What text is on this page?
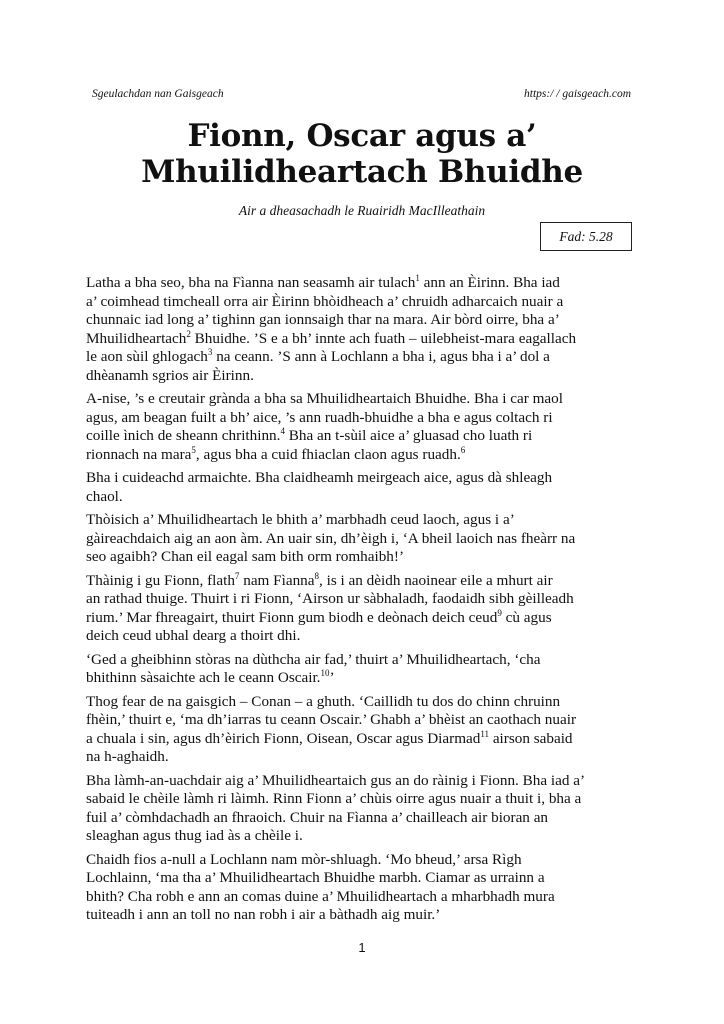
Sgeulachdan nan Gaisgeach	https:/ / gaisgeach.com
Fionn, Oscar agus a’
Mhuilidheartach Bhuidhe
Air a dheasachadh le Ruairidh MacIlleathain
Fad: 5.28
Latha a bha seo, bha na Fìanna nan seasamh air tulach$^1$ ann an Èirinn. Bha iad
a’ coimhead timcheall orra air Èirinn bhòidheach a’ chruidh adharcaich nuair a
chunnaic iad long a’ tighinn gan ionnsaigh thar na mara. Air bòrd oirre, bha a’
Mhuilidheartach$^2$ Bhuidhe. ’S e a bh’ innte ach fuath – uilebheist-mara eagallach
le aon sùil ghlogach$^3$ na ceann. ’S ann à Lochlann a bha i, agus bha i a’ dol a
dhèanamh sgrios air Èirinn.
A-nise, ’s e creutair grànda a bha sa Mhuilidheartaich Bhuidhe. Bha i car maol
agus, am beagan fuilt a bh’ aice, ’s ann ruadh-bhuidhe a bha e agus coltach ri
coille ìnich de sheann chrithinn.$^4$ Bha an t-sùil aice a’ gluasad cho luath ri
rionnach na mara$^5$, agus bha a cuid fhiaclan claon agus ruadh.$^6$
Bha i cuideachd armaichte. Bha claidheamh meirgeach aice, agus dà shleagh
chaol.
Thòisich a’ Mhuilidheartach le bhith a’ marbhadh ceud laoch, agus i a’
gàireachdaich aig an aon àm. An uair sin, dh’èigh i, ‘A bheil laoich nas fheàrr na
seo agaibh? Chan eil eagal sam bith orm romhaibh!’
Thàinig i gu Fionn, flath$^7$ nam Fìanna$^8$, is i an dèidh naoinear eile a mhurt air
an rathad thuige. Thuirt i ri Fionn, ‘Airson ur sàbhaladh, faodaidh sibh gèilleadh
rium.’ Mar fhreagairt, thuirt Fionn gum biodh e deònach deich ceud$^9$ cù agus
deich ceud ubhal dearg a thoirt dhi.
‘Ged a gheibhinn stòras na dùthcha air fad,’ thuirt a’ Mhuilidheartach, ‘cha
bhithinn sàsaichte ach le ceann Oscair.$^{10}$’
Thog fear de na gaisgich – Conan – a ghuth. ‘Caillidh tu dos do chinn chruinn
fhèin,’ thuirt e, ‘ma dh’iarras tu ceann Oscair.’ Ghabh a’ bhèist an caothach nuair
a chuala i sin, agus dh’èirich Fionn, Oisean, Oscar agus Diarmad$^{11}$ airson sabaid
na h-aghaidh.
Bha làmh-an-uachdair aig a’ Mhuilidheartaich gus an do ràinig i Fionn. Bha iad a’
sabaid le chèile làmh ri làimh. Rinn Fionn a’ chùis oirre agus nuair a thuit i, bha a
fuil a’ còmhdachadh an fhraoich. Chuir na Fìanna a’ chailleach air bioran an
sleaghan agus thug iad às a chèile i.
Chaidh fios a-null a Lochlann nam mòr-shluagh. ‘Mo bheud,’ arsa Rìgh
Lochlainn, ‘ma tha a’ Mhuilidheartach Bhuidhe marbh. Ciamar as urrainn a
bhith? Cha robh e ann an comas duine a’ Mhuilidheartach a mharbhadh mura
tuiteadh i ann an toll no nan robh i air a bàthadh aig muir.’
1
